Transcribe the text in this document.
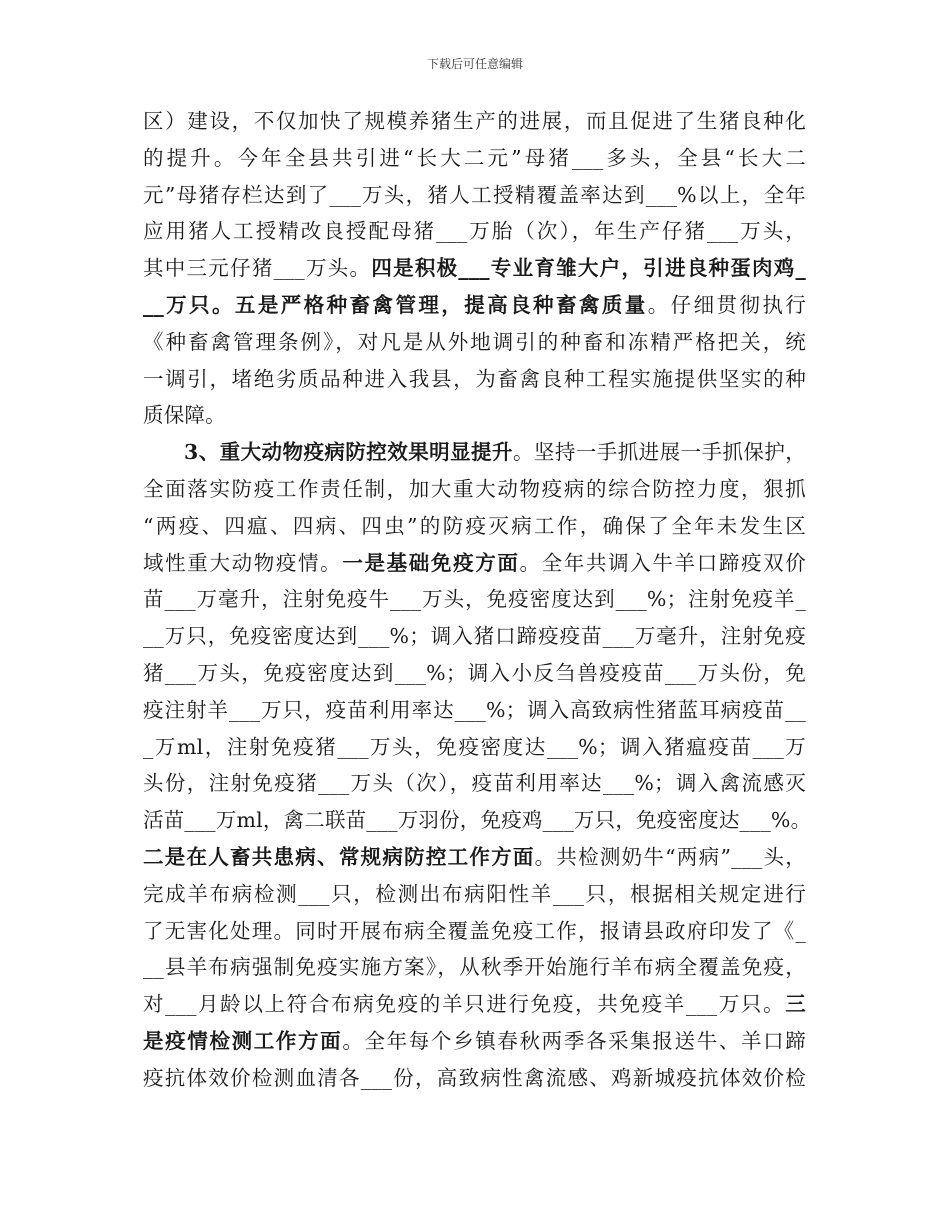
下载后可任意编辑
区）建设，不仅加快了规模养猪生产的进展，而且促进了生猪良种化
的提升。今年全县共引进“长大二元”母猪___多头，全县“长大二
元”母猪存栏达到了___万头，猪人工授精覆盖率达到___%以上，全年
应用猪人工授精改良授配母猪___万胎（次），年生产仔猪___万头，
其中三元仔猪___万头。四是积极___专业育雏大户，引进良种蛋肉鸡_
__万只。五是严格种畜禽管理，提高良种畜禽质量。仔细贯彻执行
《种畜禽管理条例》，对凡是从外地调引的种畜和冻精严格把关，统
一调引，堵绝劣质品种进入我县，为畜禽良种工程实施提供坚实的种
质保障。
3、重大动物疫病防控效果明显提升。坚持一手抓进展一手抓保护，
全面落实防疫工作责任制，加大重大动物疫病的综合防控力度，狠抓
“两疫、四瘟、四病、四虫”的防疫灭病工作，确保了全年未发生区
域性重大动物疫情。一是基础免疫方面。全年共调入牛羊口蹄疫双价
苗___万毫升，注射免疫牛___万头，免疫密度达到___%；注射免疫羊_
__万只，免疫密度达到___%；调入猪口蹄疫疫苗___万毫升，注射免疫
猪___万头，免疫密度达到___%；调入小反刍兽疫疫苗___万头份，免
疫注射羊___万只，疫苗利用率达___%；调入高致病性猪蓝耳病疫苗__
_万ml，注射免疫猪___万头，免疫密度达___%；调入猪瘟疫苗___万
头份，注射免疫猪___万头（次），疫苗利用率达___%；调入禽流感灭
活苗___万ml，禽二联苗___万羽份，免疫鸡___万只，免疫密度达___%。
二是在人畜共患病、常规病防控工作方面。共检测奶牛“两病”___头，
完成羊布病检测___只，检测出布病阳性羊___只，根据相关规定进行
了无害化处理。同时开展布病全覆盖免疫工作，报请县政府印发了《_
__县羊布病强制免疫实施方案》，从秋季开始施行羊布病全覆盖免疫，
对___月龄以上符合布病免疫的羊只进行免疫，共免疫羊___万只。三
是疫情检测工作方面。全年每个乡镇春秋两季各采集报送牛、羊口蹄
疫抗体效价检测血清各___份，高致病性禽流感、鸡新城疫抗体效价检
